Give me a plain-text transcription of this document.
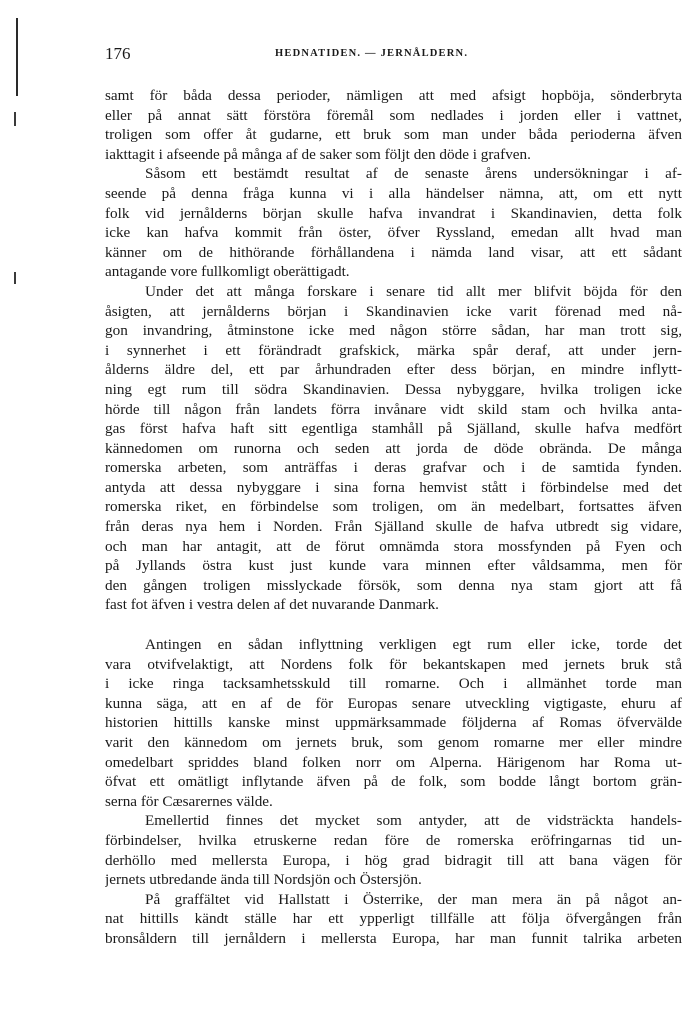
176	HEDNATIDEN. — JERNÅLDERN.
samt för båda dessa perioder, nämligen att med afsigt hopböja, sönderbryta
eller på annat sätt förstöra föremål som nedlades i jorden eller i vattnet,
troligen som offer åt gudarne, ett bruk som man under båda perioderna äfven
iakttagit i afseende på många af de saker som följt den döde i grafven.
Såsom ett bestämdt resultat af de senaste årens undersökningar i af-
seende på denna fråga kunna vi i alla händelser nämna, att, om ett nytt
folk vid jernålderns början skulle hafva invandrat i Skandinavien, detta folk
icke kan hafva kommit från öster, öfver Ryssland, emedan allt hvad man
känner om de hithörande förhållandena i nämda land visar, att ett sådant
antagande vore fullkomligt oberättigadt.
Under det att många forskare i senare tid allt mer blifvit böjda för den
åsigten, att jernålderns början i Skandinavien icke varit förenad med nå-
gon invandring, åtminstone icke med någon större sådan, har man trott sig,
i synnerhet i ett förändradt grafskick, märka spår deraf, att under jern-
ålderns äldre del, ett par århundraden efter dess början, en mindre inflytt-
ning egt rum till södra Skandinavien. Dessa nybyggare, hvilka troligen icke
hörde till någon från landets förra invånare vidt skild stam och hvilka anta-
gas först hafva haft sitt egentliga stamhåll på Själland, skulle hafva medfört
kännedomen om runorna och seden att jorda de döde obrända. De många
romerska arbeten, som anträffas i deras grafvar och i de samtida fynden.
antyda att dessa nybyggare i sina forna hemvist stått i förbindelse med det
romerska riket, en förbindelse som troligen, om än medelbart, fortsattes äfven
från deras nya hem i Norden. Från Själland skulle de hafva utbredt sig vidare,
och man har antagit, att de förut omnämda stora mossfynden på Fyen och
på Jyllands östra kust just kunde vara minnen efter våldsamma, men för
den gången troligen misslyckade försök, som denna nya stam gjort att få
fast fot äfven i vestra delen af det nuvarande Danmark.
Antingen en sådan inflyttning verkligen egt rum eller icke, torde det
vara otvifvelaktigt, att Nordens folk för bekantskapen med jernets bruk stå
i icke ringa tacksamhetsskuld till romarne. Och i allmänhet torde man
kunna säga, att en af de för Europas senare utveckling vigtigaste, ehuru af
historien hittills kanske minst uppmärksammade följderna af Romas öfvervälde
varit den kännedom om jernets bruk, som genom romarne mer eller mindre
omedelbart spriddes bland folken norr om Alperna. Härigenom har Roma ut-
öfvat ett omätligt inflytande äfven på de folk, som bodde långt bortom grän-
serna för Cæsarernes välde.
Emellertid finnes det mycket som antyder, att de vidsträckta handels-
förbindelser, hvilka etruskerne redan före de romerska eröfringarnas tid un-
derhöllo med mellersta Europa, i hög grad bidragit till att bana vägen för
jernets utbredande ända till Nordsjön och Östersjön.
På graffältet vid Hallstatt i Österrike, der man mera än på något an-
nat hittills kändt ställe har ett ypperligt tillfälle att följa öfvergången från
bronsåldern till jernåldern i mellersta Europa, har man funnit talrika arbeten
